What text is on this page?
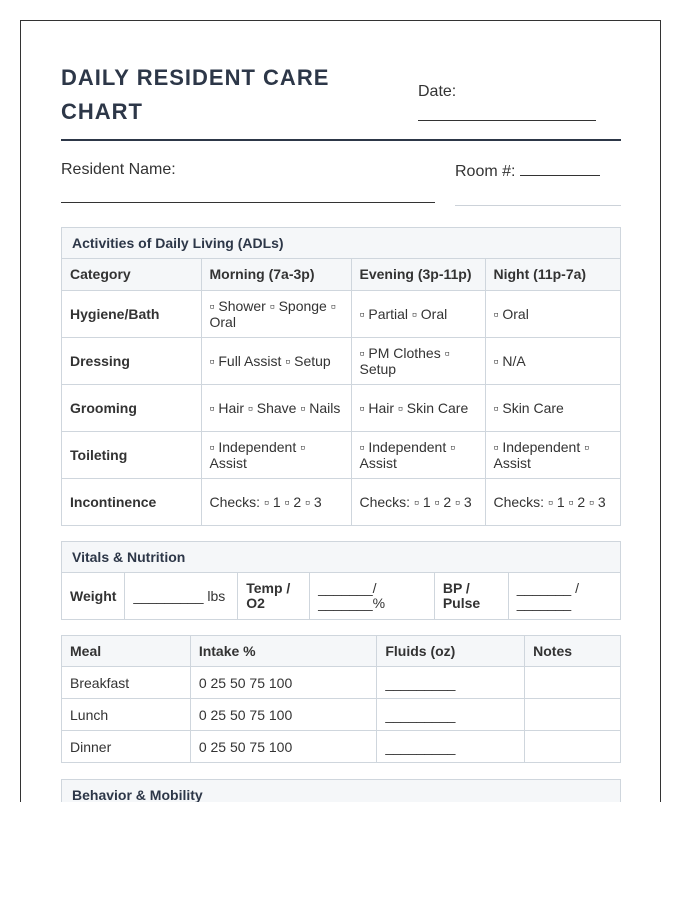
DAILY RESIDENT CARE
CHART
Date:
Resident Name:	Room #:
Activities of Daily Living (ADLs)
Category	Morning (7a-3p)	Evening (3p-11p)	Night (11p-7a)
Hygiene/Bath	▫ Shower ▫ Sponge ▫ Oral	▫ Partial ▫ Oral	▫ Oral
Dressing	▫ Full Assist ▫ Setup	▫ PM Clothes ▫ Setup	▫ N/A
Grooming	▫ Hair ▫ Shave ▫ Nails	▫ Hair ▫ Skin Care	▫ Skin Care
Toileting	▫ Independent ▫ Assist	▫ Independent ▫ Assist	▫ Independent ▫ Assist
Incontinence	Checks: ▫ 1 ▫ 2 ▫ 3	Checks: ▫ 1 ▫ 2 ▫ 3	Checks: ▫ 1 ▫ 2 ▫ 3
Vitals & Nutrition
Weight	_________ lbs	Temp / O2	_______/ _______%	BP / Pulse	_______ / _______
Meal	Intake %	Fluids (oz)	Notes
Breakfast	0 25 50 75 100	_________	
Lunch	0 25 50 75 100	_________	
Dinner	0 25 50 75 100	_________	
Behavior & Mobility
